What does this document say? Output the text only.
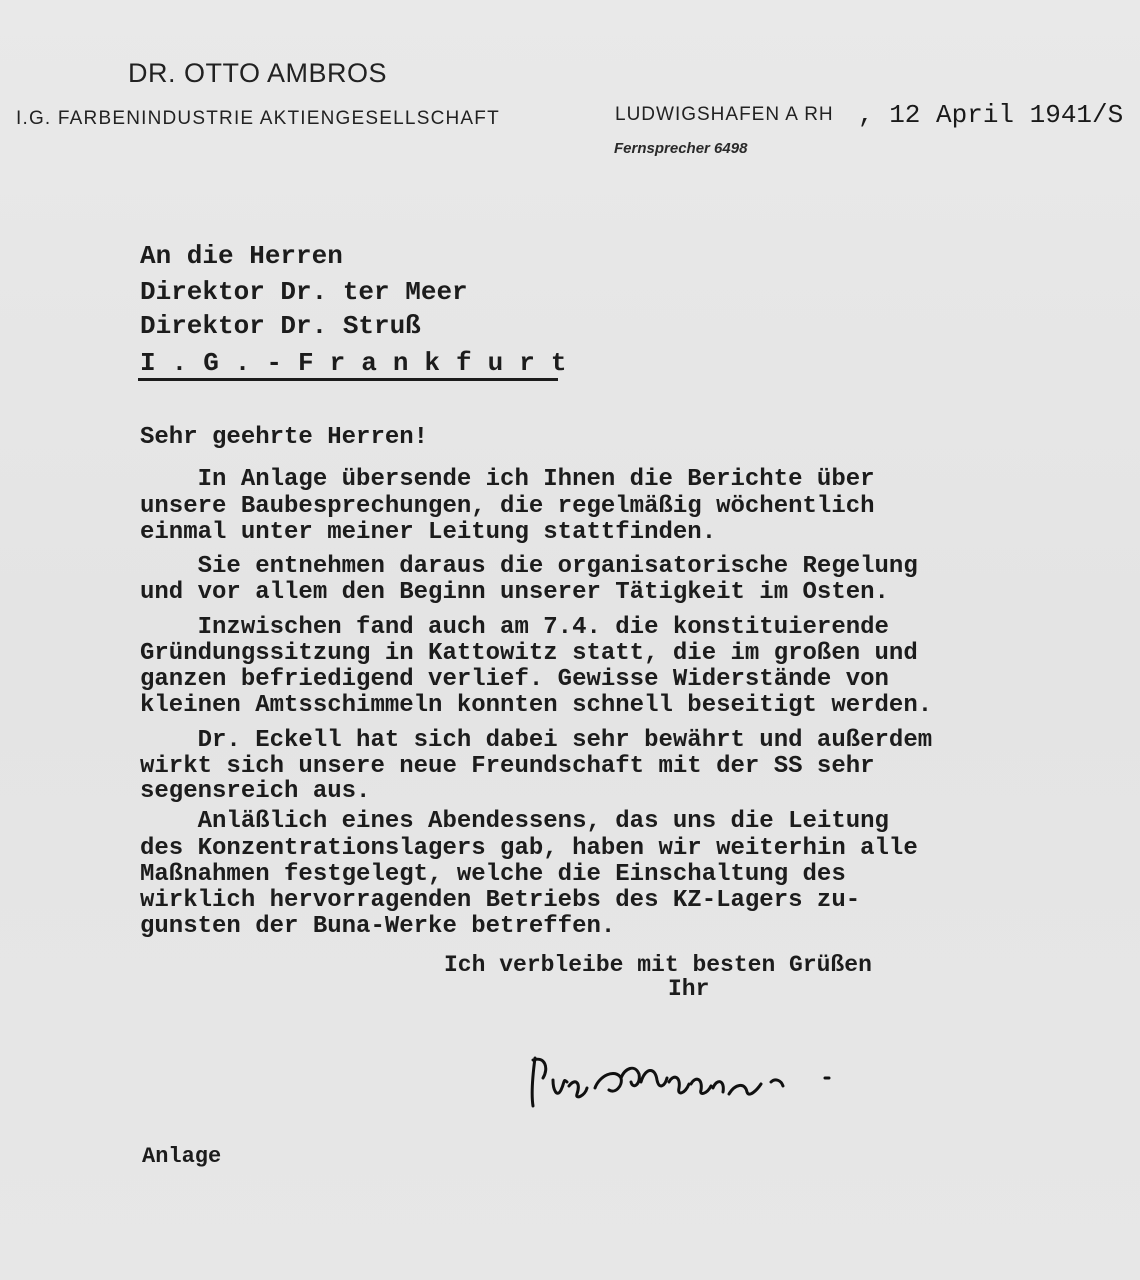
DR. OTTO AMBROS
I.G. FARBENINDUSTRIE AKTIENGESELLSCHAFT	LUDWIGSHAFEN A RH , 12 April 1941/S
Fernsprecher 6498
An die Herren
Direktor Dr. ter Meer
Direktor Dr. Struß
I.G.-Frankfurt
Sehr geehrte Herren!
In Anlage übersende ich Ihnen die Berichte über
unsere Baubesprechungen, die regelmäßig wöchentlich
einmal unter meiner Leitung stattfinden.
Sie entnehmen daraus die organisatorische Regelung
und vor allem den Beginn unserer Tätigkeit im Osten.
Inzwischen fand auch am 7.4. die konstituierende
Gründungssitzung in Kattowitz statt, die im großen und
ganzen befriedigend verlief. Gewisse Widerstände von
kleinen Amtsschimmeln konnten schnell beseitigt werden.
Dr. Eckell hat sich dabei sehr bewährt und außerdem
wirkt sich unsere neue Freundschaft mit der SS sehr
segensreich aus.
Anläßlich eines Abendessens, das uns die Leitung
des Konzentrationslagers gab, haben wir weiterhin alle
Maßnahmen festgelegt, welche die Einschaltung des
wirklich hervorragenden Betriebs des KZ-Lagers zu-
gunsten der Buna-Werke betreffen.
Ich verbleibe mit besten Grüßen
Ihr
Anlage
